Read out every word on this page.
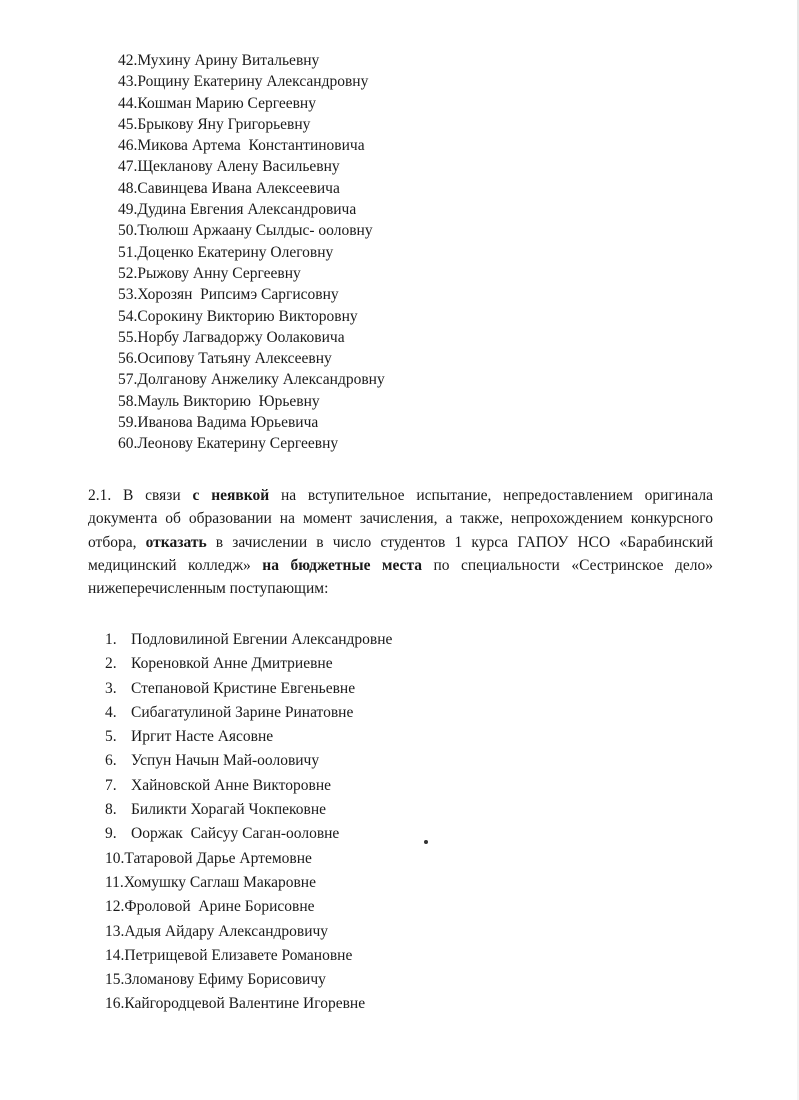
42.Мухину Арину Витальевну
43.Рощину Екатерину Александровну
44.Кошман Марию Сергеевну
45.Брыкову Яну Григорьевну
46.Микова Артема  Константиновича
47.Щекланову Алену Васильевну
48.Савинцева Ивана Алексеевича
49.Дудина Евгения Александровича
50.Тюлюш Аржаану Сылдыс- ооловну
51.Доценко Екатерину Олеговну
52.Рыжову Анну Сергеевну
53.Хорозян  Рипсимэ Саргисовну
54.Сорокину Викторию Викторовну
55.Норбу Лагвадоржу Оолаковича
56.Осипову Татьяну Алексеевну
57.Долганову Анжелику Александровну
58.Мауль Викторию  Юрьевну
59.Иванова Вадима Юрьевича
60.Леонову Екатерину Сергеевну

2.1. В связи с неявкой на вступительное испытание, непредоставлением оригинала документа об образовании на момент зачисления, а также, непрохождением конкурсного отбора, отказать в зачислении в число студентов 1 курса ГАПОУ НСО «Барабинский медицинский колледж» на бюджетные места по специальности «Сестринское дело» нижеперечисленным поступающим:

1. Подловилиной Евгении Александровне
2. Кореновкой Анне Дмитриевне
3. Степановой Кристине Евгеньевне
4. Сибагатулиной Зарине Ринатовне
5. Иргит Насте Аясовне
6. Успун Начын Май-ооловичу
7. Хайновской Анне Викторовне
8. Биликти Хорагай Чокпековне
9. Ооржак  Сайсуу Саган-ооловне
10.Татаровой Дарье Артемовне
11.Хомушку Саглаш Макаровне
12.Фроловой  Арине Борисовне
13.Адыя Айдару Александровичу
14.Петрищевой Елизавете Романовне
15.Зломанову Ефиму Борисовичу
16.Кайгородцевой Валентине Игоревне
